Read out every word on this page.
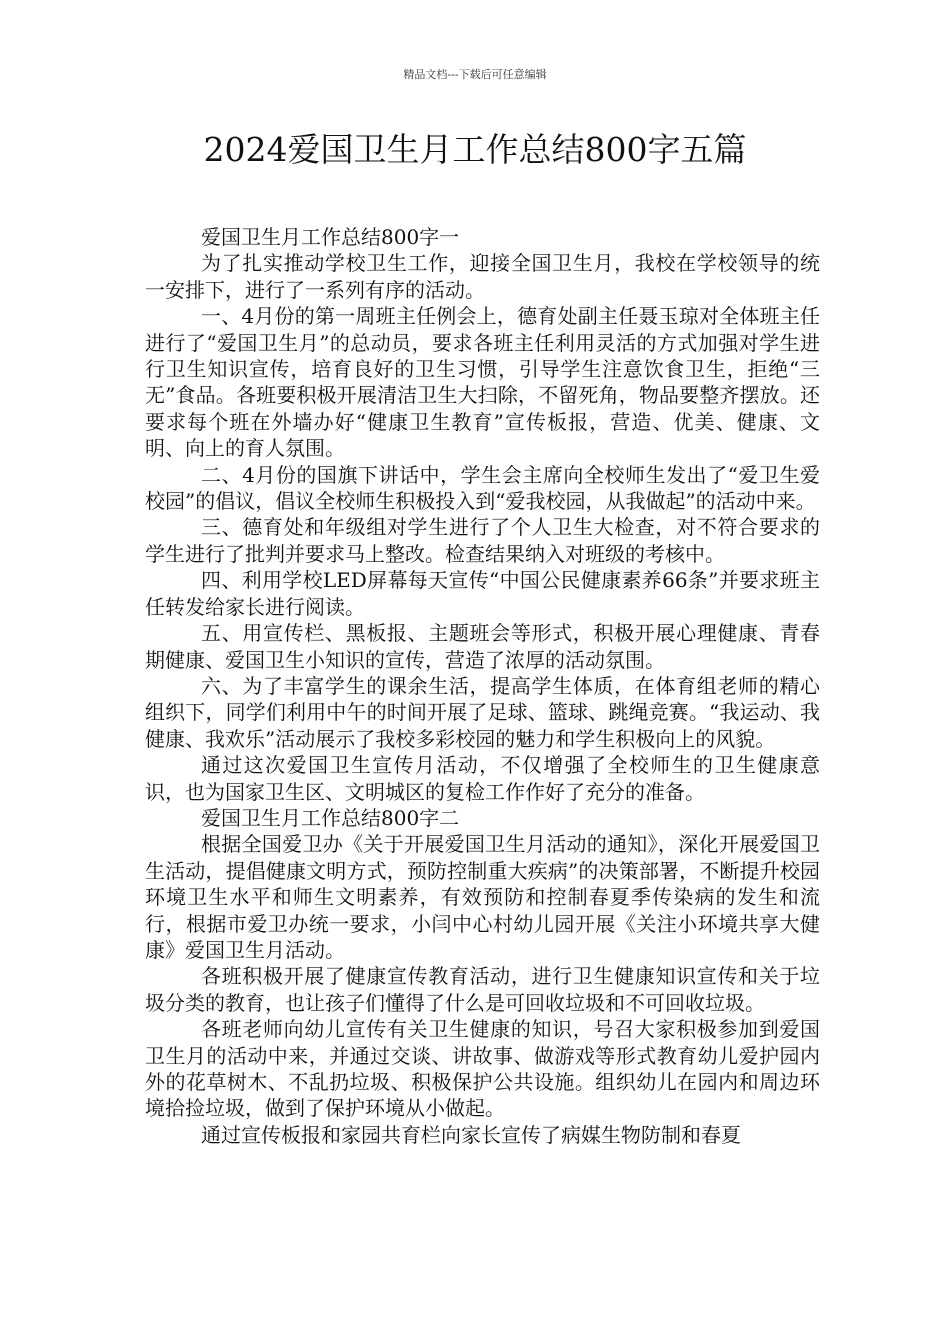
精品文档---下载后可任意编辑
2024爱国卫生月工作总结800字五篇

爱国卫生月工作总结800字一

为了扎实推动学校卫生工作，迎接全国卫生月，我校在学校领导的统一安排下，进行了一系列有序的活动。

一、4月份的第一周班主任例会上，德育处副主任聂玉琼对全体班主任进行了“爱国卫生月”的总动员，要求各班主任利用灵活的方式加强对学生进行卫生知识宣传，培育良好的卫生习惯，引导学生注意饮食卫生，拒绝“三无”食品。各班要积极开展清洁卫生大扫除，不留死角，物品要整齐摆放。还要求每个班在外墙办好“健康卫生教育”宣传板报，营造、优美、健康、文明、向上的育人氛围。

二、4月份的国旗下讲话中，学生会主席向全校师生发出了“爱卫生爱校园”的倡议，倡议全校师生积极投入到“爱我校园，从我做起”的活动中来。

三、德育处和年级组对学生进行了个人卫生大检查，对不符合要求的学生进行了批判并要求马上整改。检查结果纳入对班级的考核中。

四、利用学校LED屏幕每天宣传“中国公民健康素养66条”并要求班主任转发给家长进行阅读。

五、用宣传栏、黑板报、主题班会等形式，积极开展心理健康、青春期健康、爱国卫生小知识的宣传，营造了浓厚的活动氛围。

六、为了丰富学生的课余生活，提高学生体质，在体育组老师的精心组织下，同学们利用中午的时间开展了足球、篮球、跳绳竞赛。“我运动、我健康、我欢乐”活动展示了我校多彩校园的魅力和学生积极向上的风貌。

通过这次爱国卫生宣传月活动，不仅增强了全校师生的卫生健康意识，也为国家卫生区、文明城区的复检工作作好了充分的准备。

爱国卫生月工作总结800字二

根据全国爱卫办《关于开展爱国卫生月活动的通知》，深化开展爱国卫生活动，提倡健康文明方式，预防控制重大疾病”的决策部署，不断提升校园环境卫生水平和师生文明素养，有效预防和控制春夏季传染病的发生和流行，根据市爱卫办统一要求，小闫中心村幼儿园开展《关注小环境共享大健康》爱国卫生月活动。

各班积极开展了健康宣传教育活动，进行卫生健康知识宣传和关于垃圾分类的教育，也让孩子们懂得了什么是可回收垃圾和不可回收垃圾。

各班老师向幼儿宣传有关卫生健康的知识，号召大家积极参加到爱国卫生月的活动中来，并通过交谈、讲故事、做游戏等形式教育幼儿爱护园内外的花草树木、不乱扔垃圾、积极保护公共设施。组织幼儿在园内和周边环境拾捡垃圾，做到了保护环境从小做起。

通过宣传板报和家园共育栏向家长宣传了病媒生物防制和春夏
